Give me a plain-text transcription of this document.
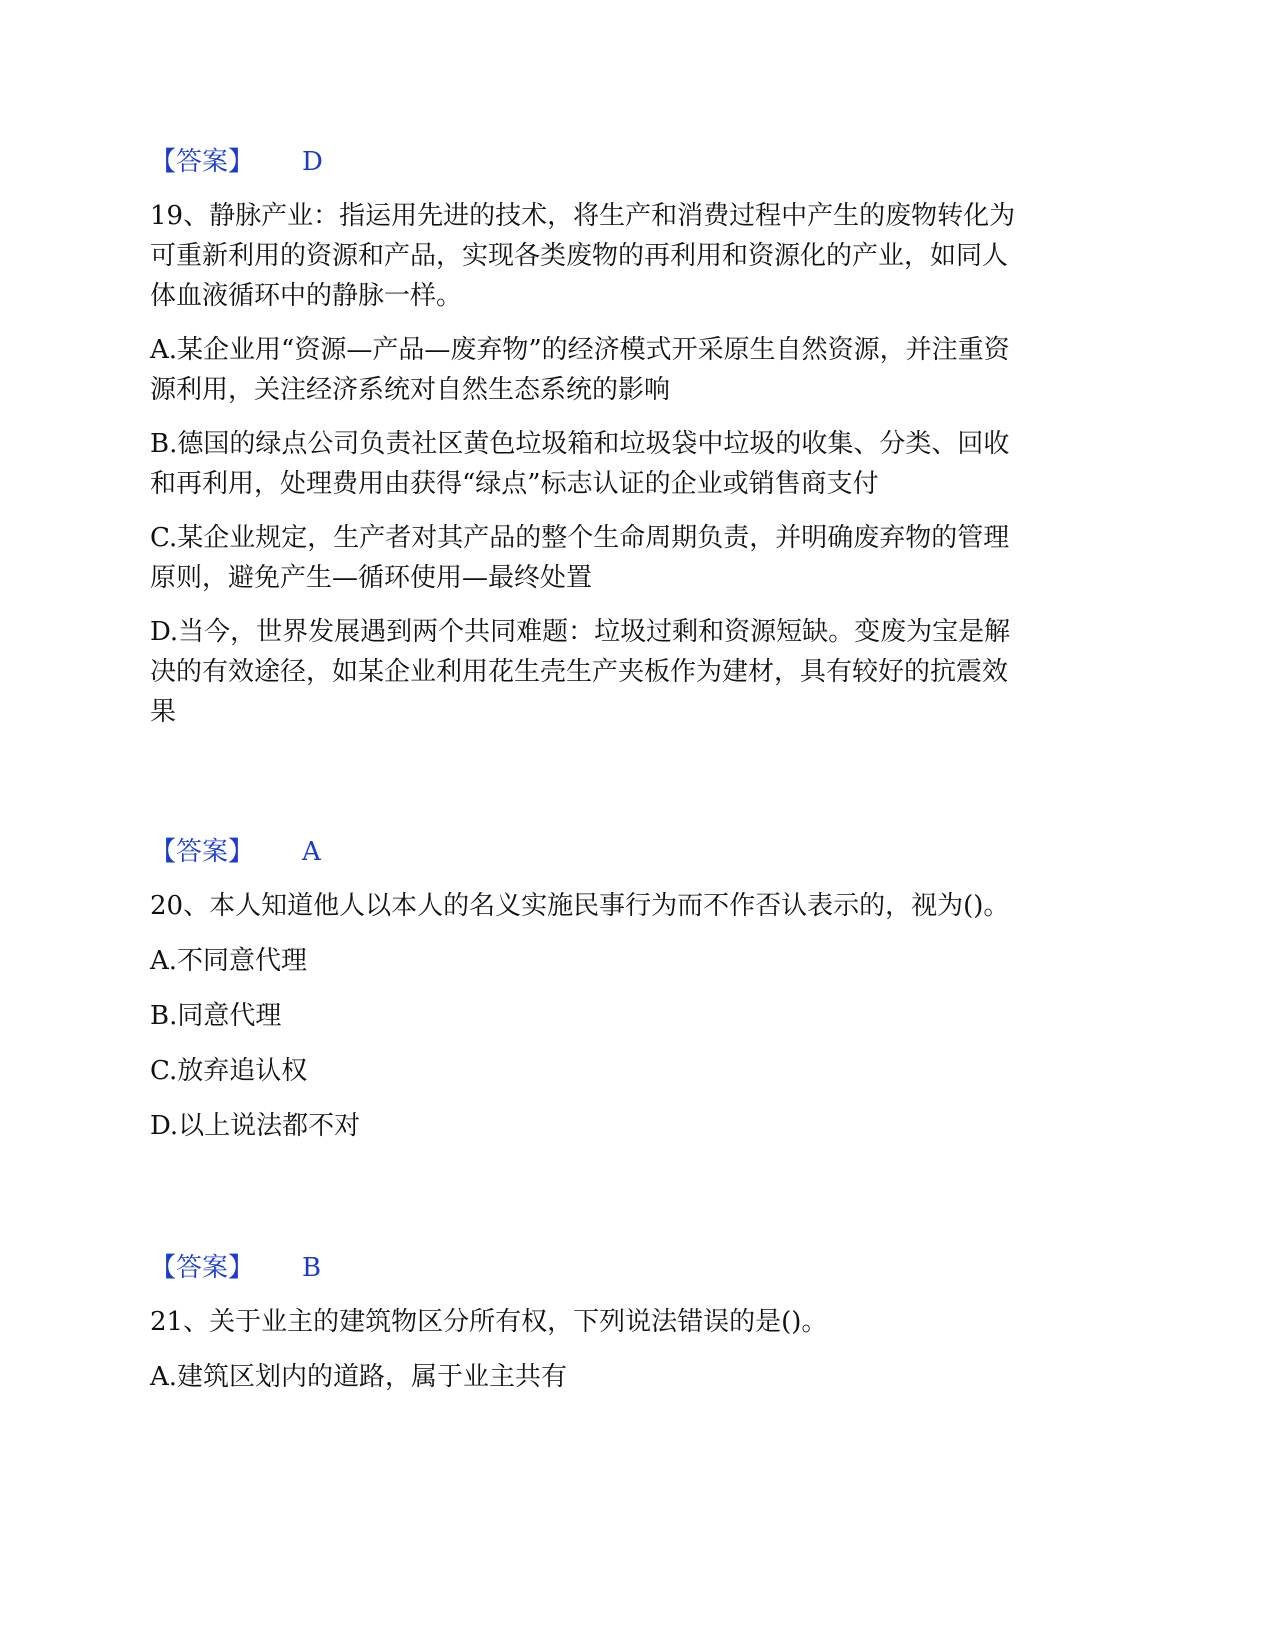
【答案】 D
19、静脉产业：指运用先进的技术，将生产和消费过程中产生的废物转化为
可重新利用的资源和产品，实现各类废物的再利用和资源化的产业，如同人
体血液循环中的静脉一样。
A.某企业用“资源—产品—废弃物”的经济模式开采原生自然资源，并注重资
源利用，关注经济系统对自然生态系统的影响
B.德国的绿点公司负责社区黄色垃圾箱和垃圾袋中垃圾的收集、分类、回收
和再利用，处理费用由获得“绿点”标志认证的企业或销售商支付
C.某企业规定，生产者对其产品的整个生命周期负责，并明确废弃物的管理
原则，避免产生—循环使用—最终处置
D.当今，世界发展遇到两个共同难题：垃圾过剩和资源短缺。变废为宝是解
决的有效途径，如某企业利用花生壳生产夹板作为建材，具有较好的抗震效
果
【答案】 A
20、本人知道他人以本人的名义实施民事行为而不作否认表示的，视为()。
A.不同意代理
B.同意代理
C.放弃追认权
D.以上说法都不对
【答案】 B
21、关于业主的建筑物区分所有权，下列说法错误的是()。
A.建筑区划内的道路，属于业主共有
